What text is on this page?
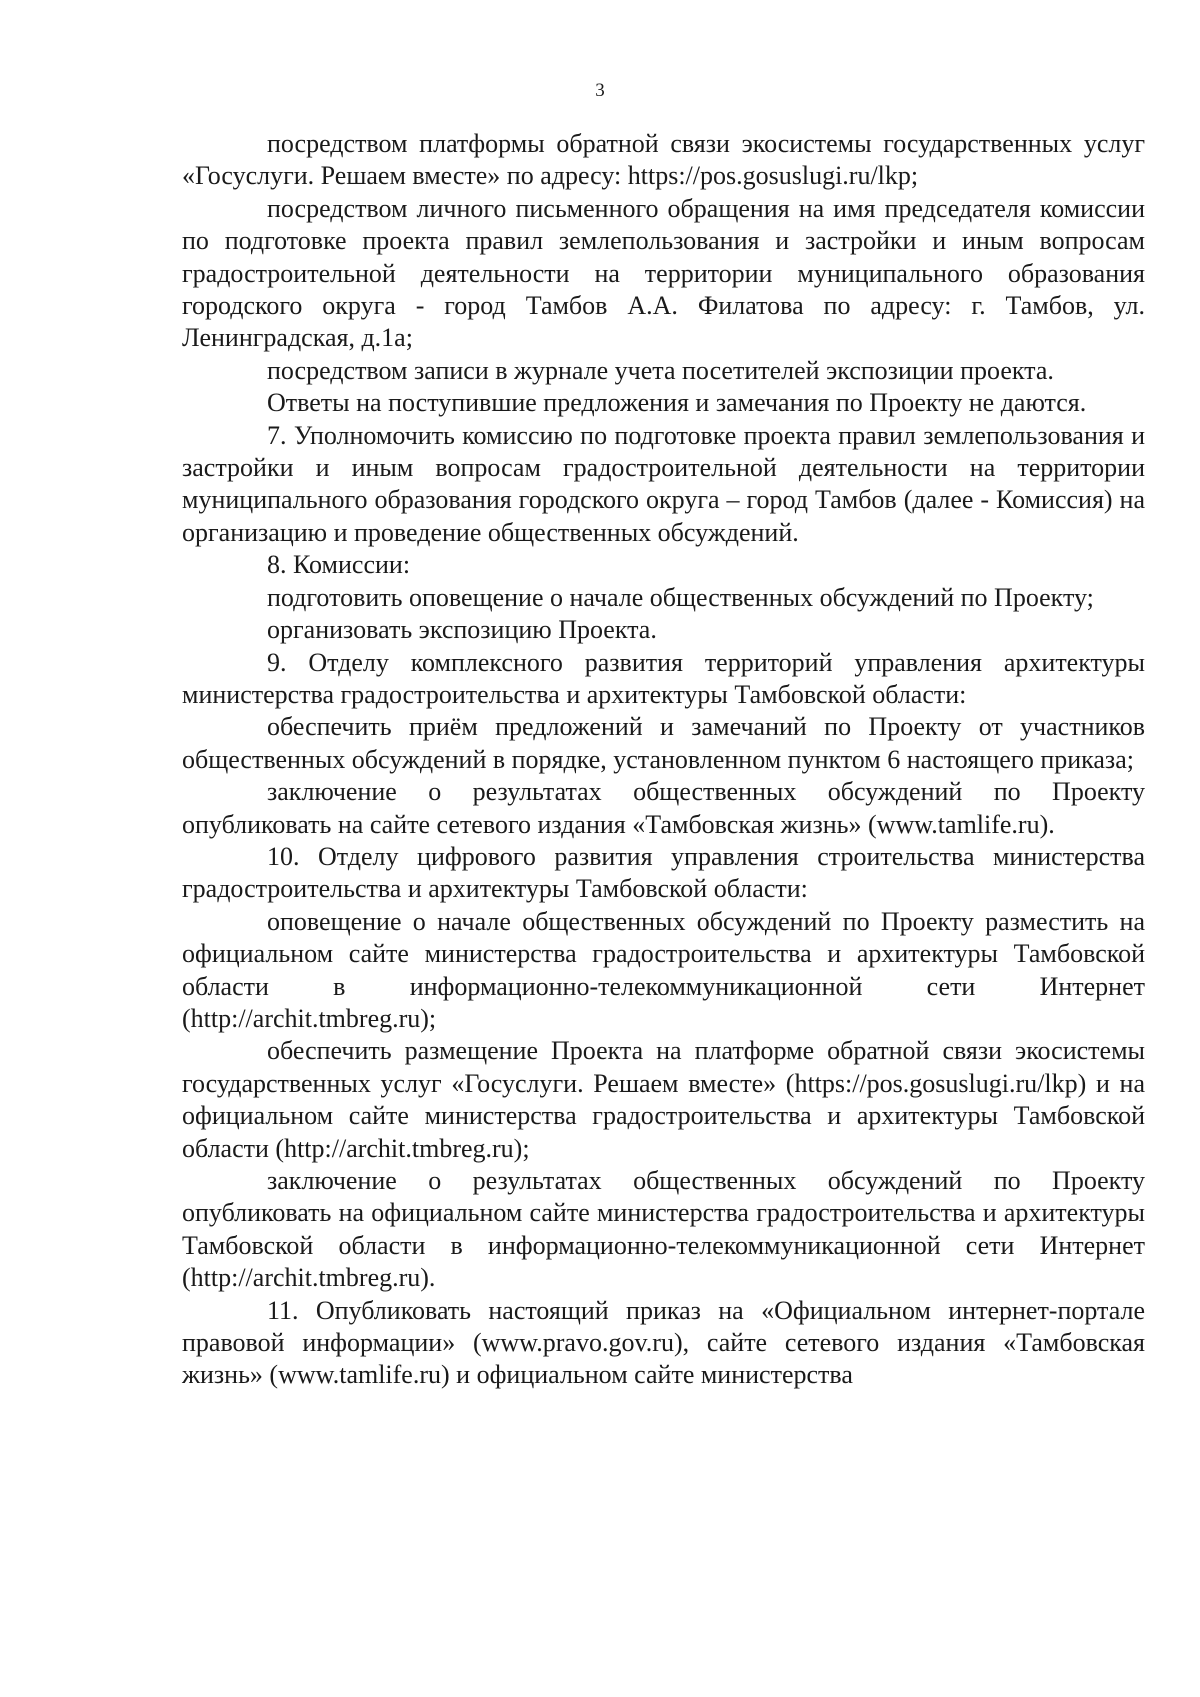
3

посредством платформы обратной связи экосистемы государственных услуг «Госуслуги. Решаем вместе» по адресу: https://pos.gosuslugi.ru/lkp;

посредством личного письменного обращения на имя председателя комиссии по подготовке проекта правил землепользования и застройки и иным вопросам градостроительной деятельности на территории муниципального образования городского округа - город Тамбов А.А. Филатова по адресу: г. Тамбов, ул. Ленинградская, д.1а;

посредством записи в журнале учета посетителей экспозиции проекта.

Ответы на поступившие предложения и замечания по Проекту не даются.

7. Уполномочить комиссию по подготовке проекта правил землепользования и застройки и иным вопросам градостроительной деятельности на территории муниципального образования городского округа – город Тамбов (далее - Комиссия) на организацию и проведение общественных обсуждений.

8. Комиссии:

подготовить оповещение о начале общественных обсуждений по Проекту;

организовать экспозицию Проекта.

9. Отделу комплексного развития территорий управления архитектуры министерства градостроительства и архитектуры Тамбовской области:

обеспечить приём предложений и замечаний по Проекту от участников общественных обсуждений в порядке, установленном пунктом 6 настоящего приказа;

заключение о результатах общественных обсуждений по Проекту опубликовать на сайте сетевого издания «Тамбовская жизнь» (www.tamlife.ru).

10. Отделу цифрового развития управления строительства министерства градостроительства и архитектуры Тамбовской области:

оповещение о начале общественных обсуждений по Проекту разместить на официальном сайте министерства градостроительства и архитектуры Тамбовской области в информационно-телекоммуникационной сети Интернет (http://archit.tmbreg.ru);

обеспечить размещение Проекта на платформе обратной связи экосистемы государственных услуг «Госуслуги. Решаем вместе» (https://pos.gosuslugi.ru/lkp) и на официальном сайте министерства градостроительства и архитектуры Тамбовской области (http://archit.tmbreg.ru);

заключение о результатах общественных обсуждений по Проекту опубликовать на официальном сайте министерства градостроительства и архитектуры Тамбовской области в информационно-телекоммуникационной сети Интернет (http://archit.tmbreg.ru).

11. Опубликовать настоящий приказ на «Официальном интернет-портале правовой информации» (www.pravo.gov.ru), сайте сетевого издания «Тамбовская жизнь» (www.tamlife.ru) и официальном сайте министерства
